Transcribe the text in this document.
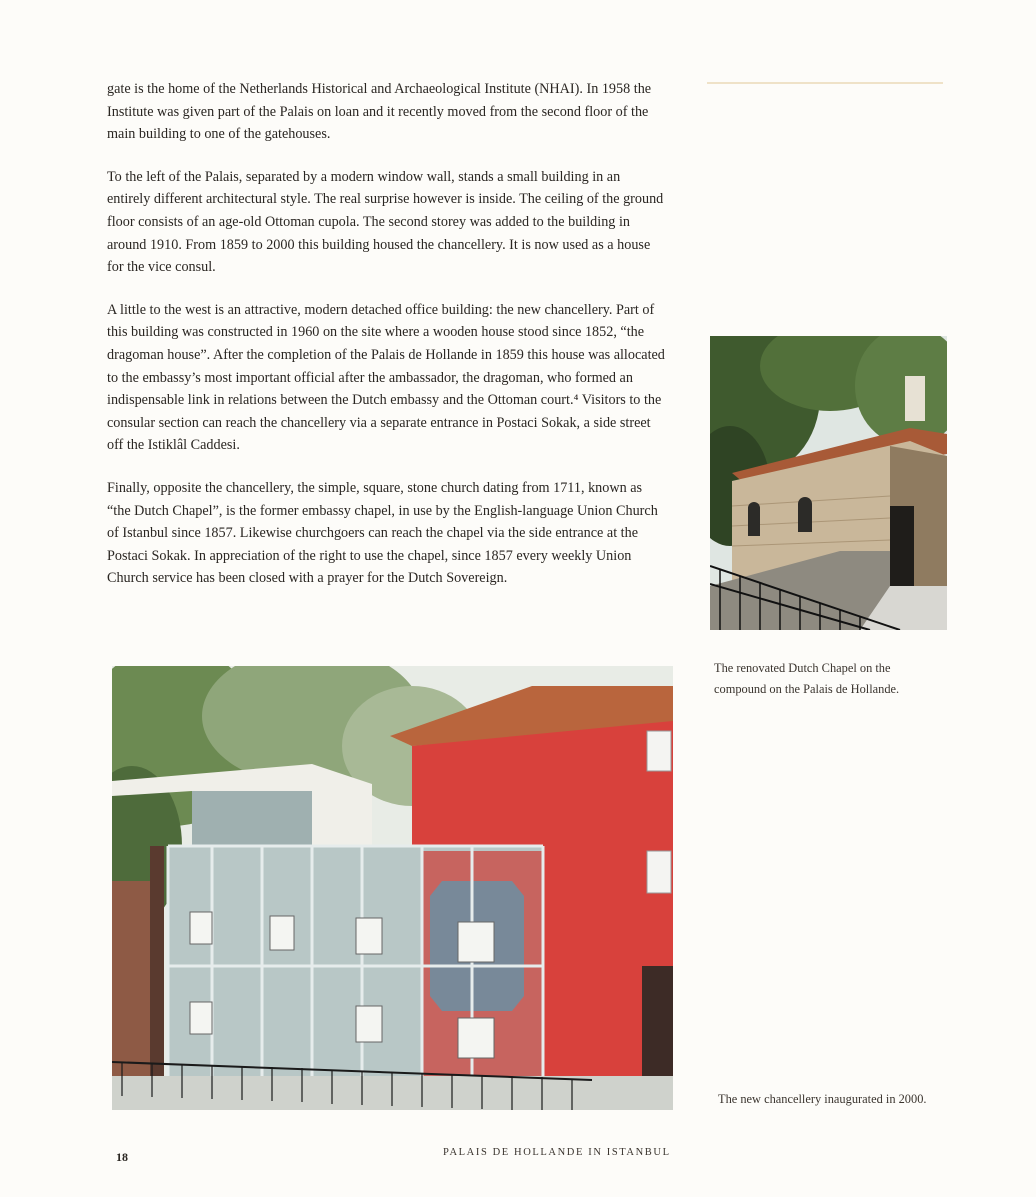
gate is the home of the Netherlands Historical and Archaeological Institute (NHAI). In 1958 the Institute was given part of the Palais on loan and it recently moved from the second floor of the main building to one of the gatehouses.

To the left of the Palais, separated by a modern window wall, stands a small building in an entirely different architectural style. The real surprise however is inside. The ceiling of the ground floor consists of an age-old Ottoman cupola. The second storey was added to the building in around 1910. From 1859 to 2000 this building housed the chancellery. It is now used as a house for the vice consul.

A little to the west is an attractive, modern detached office building: the new chancellery. Part of this building was constructed in 1960 on the site where a wooden house stood since 1852, “the dragoman house”. After the completion of the Palais de Hollande in 1859 this house was allocated to the embassy’s most important official after the ambassador, the dragoman, who formed an indispensable link in relations between the Dutch embassy and the Ottoman court.⁴ Visitors to the consular section can reach the chancellery via a separate entrance in Postaci Sokak, a side street off the Istiklâl Caddesi.

Finally, opposite the chancellery, the simple, square, stone church dating from 1711, known as “the Dutch Chapel”, is the former embassy chapel, in use by the English-language Union Church of Istanbul since 1857. Likewise churchgoers can reach the chapel via the side entrance at the Postaci Sokak. In appreciation of the right to use the chapel, since 1857 every weekly Union Church service has been closed with a prayer for the Dutch Sovereign.

The renovated Dutch Chapel on the compound on the Palais de Hollande.
The new chancellery inaugurated in 2000.
18	PALAIS DE HOLLANDE IN ISTANBUL
